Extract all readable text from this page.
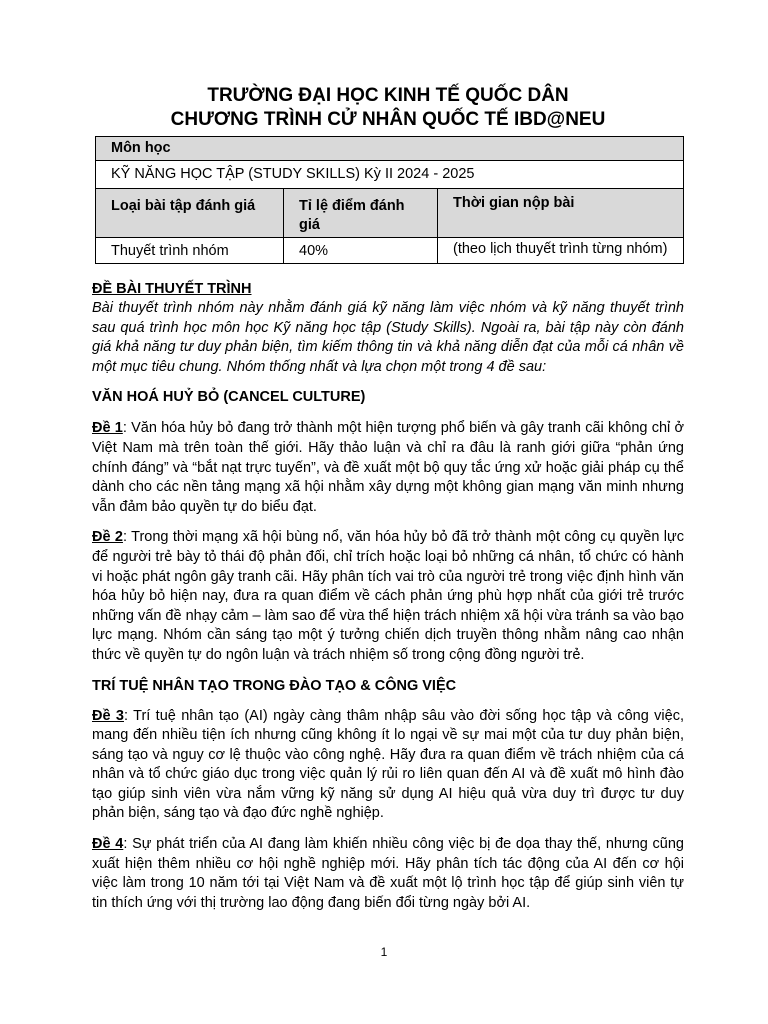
TRƯỜNG ĐẠI HỌC KINH TẾ QUỐC DÂN
CHƯƠNG TRÌNH CỬ NHÂN QUỐC TẾ IBD@NEU
Môn học		
KỸ NĂNG HỌC TẬP (STUDY SKILLS) Kỳ II 2024 - 2025		
Loại bài tập đánh giá	Tỉ lệ điểm đánh giá	Thời gian nộp bài
Thuyết trình nhóm	40%	(theo lịch thuyết trình từng nhóm)

ĐỀ BÀI THUYẾT TRÌNH

Bài thuyết trình nhóm này nhằm đánh giá kỹ năng làm việc nhóm và kỹ năng thuyết trình sau quá trình học môn học Kỹ năng học tập (Study Skills). Ngoài ra, bài tập này còn đánh giá khả năng tư duy phản biện, tìm kiếm thông tin và khả năng diễn đạt của mỗi cá nhân về một mục tiêu chung. Nhóm thống nhất và lựa chọn một trong 4 đề sau:

VĂN HOÁ HUỶ BỎ (CANCEL CULTURE)

Đề 1: Văn hóa hủy bỏ đang trở thành một hiện tượng phổ biến và gây tranh cãi không chỉ ở Việt Nam mà trên toàn thế giới. Hãy thảo luận và chỉ ra đâu là ranh giới giữa “phản ứng chính đáng” và “bắt nạt trực tuyến”, và đề xuất một bộ quy tắc ứng xử hoặc giải pháp cụ thể dành cho các nền tảng mạng xã hội nhằm xây dựng một không gian mạng văn minh nhưng vẫn đảm bảo quyền tự do biểu đạt.

Đề 2: Trong thời mạng xã hội bùng nổ, văn hóa hủy bỏ đã trở thành một công cụ quyền lực để người trẻ bày tỏ thái độ phản đối, chỉ trích hoặc loại bỏ những cá nhân, tổ chức có hành vi hoặc phát ngôn gây tranh cãi. Hãy phân tích vai trò của người trẻ trong việc định hình văn hóa hủy bỏ hiện nay, đưa ra quan điểm về cách phản ứng phù hợp nhất của giới trẻ trước những vấn đề nhạy cảm – làm sao để vừa thể hiện trách nhiệm xã hội vừa tránh sa vào bạo lực mạng. Nhóm cần sáng tạo một ý tưởng chiến dịch truyền thông nhằm nâng cao nhận thức về quyền tự do ngôn luận và trách nhiệm số trong cộng đồng người trẻ.

TRÍ TUỆ NHÂN TẠO TRONG ĐÀO TẠO & CÔNG VIỆC

Đề 3: Trí tuệ nhân tạo (AI) ngày càng thâm nhập sâu vào đời sống học tập và công việc, mang đến nhiều tiện ích nhưng cũng không ít lo ngại về sự mai một của tư duy phản biện, sáng tạo và nguy cơ lệ thuộc vào công nghệ. Hãy đưa ra quan điểm về trách nhiệm của cá nhân và tổ chức giáo dục trong việc quản lý rủi ro liên quan đến AI và đề xuất mô hình đào tạo giúp sinh viên vừa nắm vững kỹ năng sử dụng AI hiệu quả vừa duy trì được tư duy phản biện, sáng tạo và đạo đức nghề nghiệp.

Đề 4: Sự phát triển của AI đang làm khiến nhiều công việc bị đe dọa thay thế, nhưng cũng xuất hiện thêm nhiều cơ hội nghề nghiệp mới. Hãy phân tích tác động của AI đến cơ hội việc làm trong 10 năm tới tại Việt Nam và đề xuất một lộ trình học tập để giúp sinh viên tự tin thích ứng với thị trường lao động đang biến đổi từng ngày bởi AI.

1
